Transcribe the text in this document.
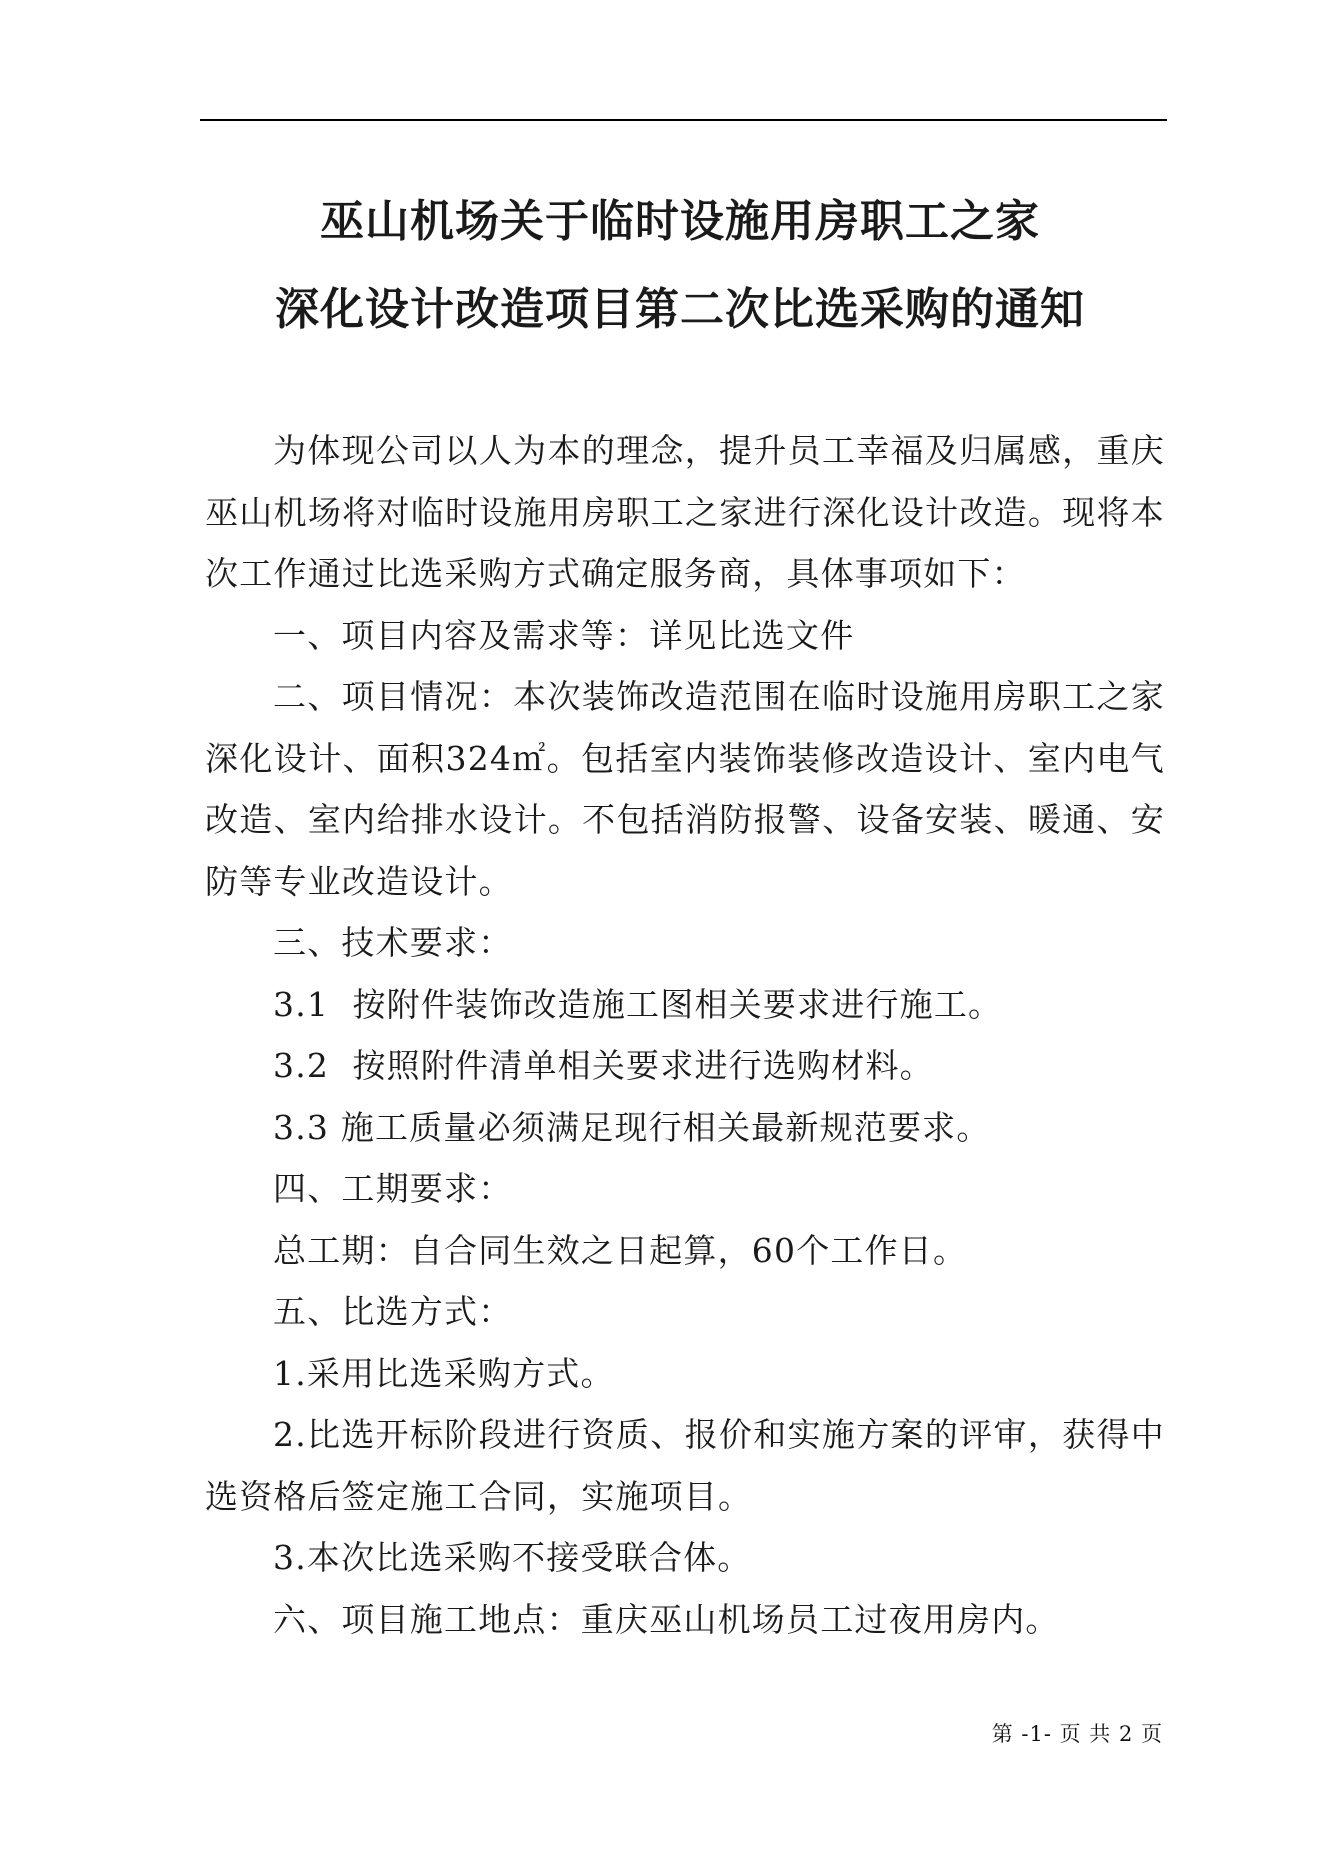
巫山机场关于临时设施用房职工之家
深化设计改造项目第二次比选采购的通知

为体现公司以人为本的理念，提升员工幸福及归属感，重庆巫山机场将对临时设施用房职工之家进行深化设计改造。现将本次工作通过比选采购方式确定服务商，具体事项如下：

一、项目内容及需求等：详见比选文件

二、项目情况：本次装饰改造范围在临时设施用房职工之家深化设计、面积324㎡。包括室内装饰装修改造设计、室内电气改造、室内给排水设计。不包括消防报警、设备安装、暖通、安防等专业改造设计。

三、技术要求：

3.1  按附件装饰改造施工图相关要求进行施工。

3.2  按照附件清单相关要求进行选购材料。

3.3 施工质量必须满足现行相关最新规范要求。

四、工期要求：

总工期：自合同生效之日起算，60个工作日。

五、比选方式：

1.采用比选采购方式。

2.比选开标阶段进行资质、报价和实施方案的评审，获得中选资格后签定施工合同，实施项目。

3.本次比选采购不接受联合体。

六、项目施工地点：重庆巫山机场员工过夜用房内。

第 -1- 页 共 2 页
